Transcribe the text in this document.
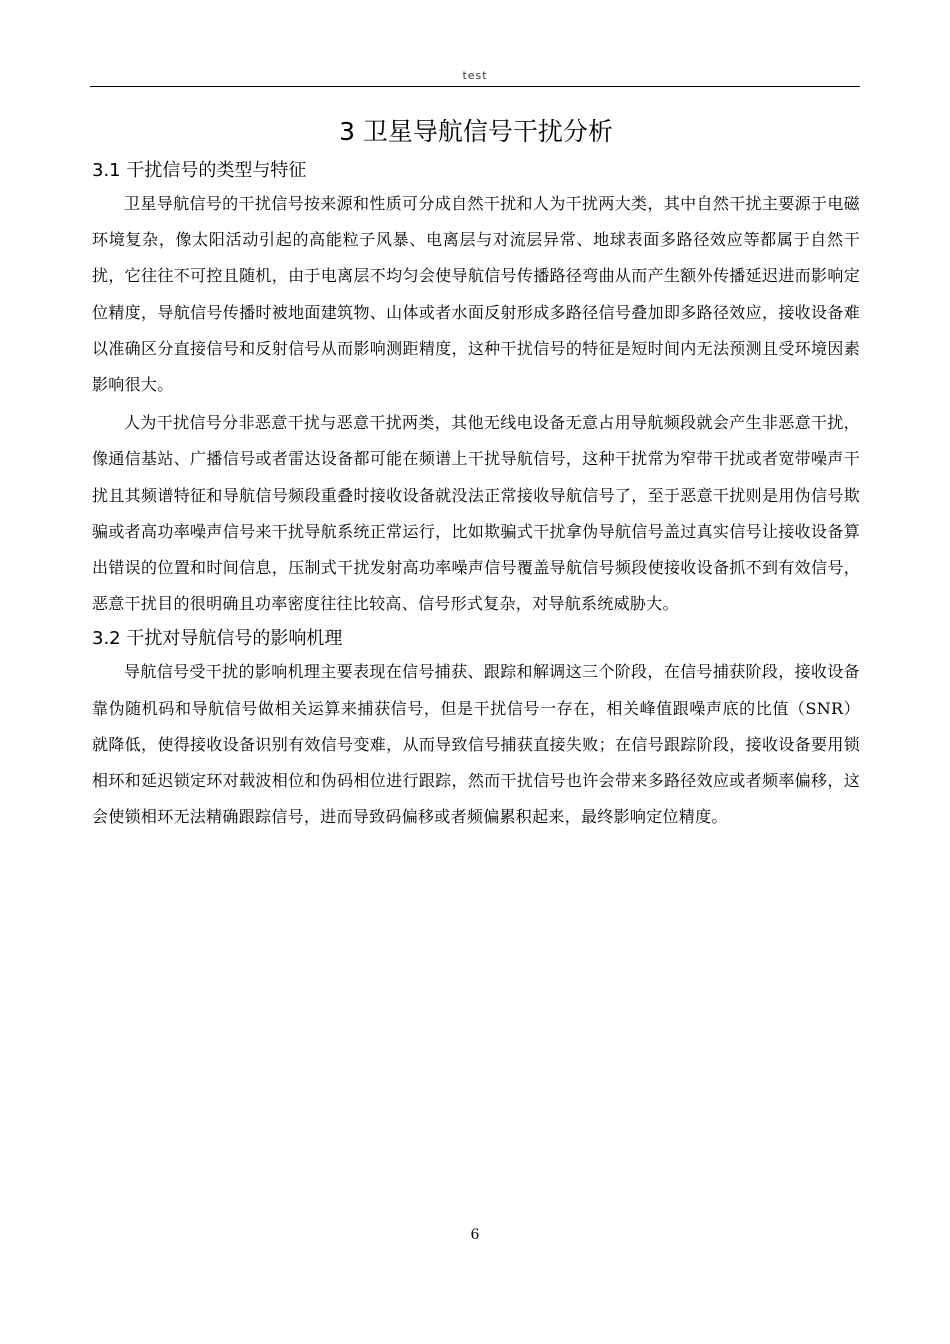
test
3 卫星导航信号干扰分析
3.1 干扰信号的类型与特征

卫星导航信号的干扰信号按来源和性质可分成自然干扰和人为干扰两大类，其中自然干扰主要源于电磁环境复杂，像太阳活动引起的高能粒子风暴、电离层与对流层异常、地球表面多路径效应等都属于自然干扰，它往往不可控且随机，由于电离层不均匀会使导航信号传播路径弯曲从而产生额外传播延迟进而影响定位精度，导航信号传播时被地面建筑物、山体或者水面反射形成多路径信号叠加即多路径效应，接收设备难以准确区分直接信号和反射信号从而影响测距精度，这种干扰信号的特征是短时间内无法预测且受环境因素影响很大。

人为干扰信号分非恶意干扰与恶意干扰两类，其他无线电设备无意占用导航频段就会产生非恶意干扰，像通信基站、广播信号或者雷达设备都可能在频谱上干扰导航信号，这种干扰常为窄带干扰或者宽带噪声干扰且其频谱特征和导航信号频段重叠时接收设备就没法正常接收导航信号了，至于恶意干扰则是用伪信号欺骗或者高功率噪声信号来干扰导航系统正常运行，比如欺骗式干扰拿伪导航信号盖过真实信号让接收设备算出错误的位置和时间信息，压制式干扰发射高功率噪声信号覆盖导航信号频段使接收设备抓不到有效信号，恶意干扰目的很明确且功率密度往往比较高、信号形式复杂，对导航系统威胁大。

3.2 干扰对导航信号的影响机理

导航信号受干扰的影响机理主要表现在信号捕获、跟踪和解调这三个阶段，在信号捕获阶段，接收设备靠伪随机码和导航信号做相关运算来捕获信号，但是干扰信号一存在，相关峰值跟噪声底的比值（SNR）就降低，使得接收设备识别有效信号变难，从而导致信号捕获直接失败；在信号跟踪阶段，接收设备要用锁相环和延迟锁定环对载波相位和伪码相位进行跟踪，然而干扰信号也许会带来多路径效应或者频率偏移，这会使锁相环无法精确跟踪信号，进而导致码偏移或者频偏累积起来，最终影响定位精度。

6
